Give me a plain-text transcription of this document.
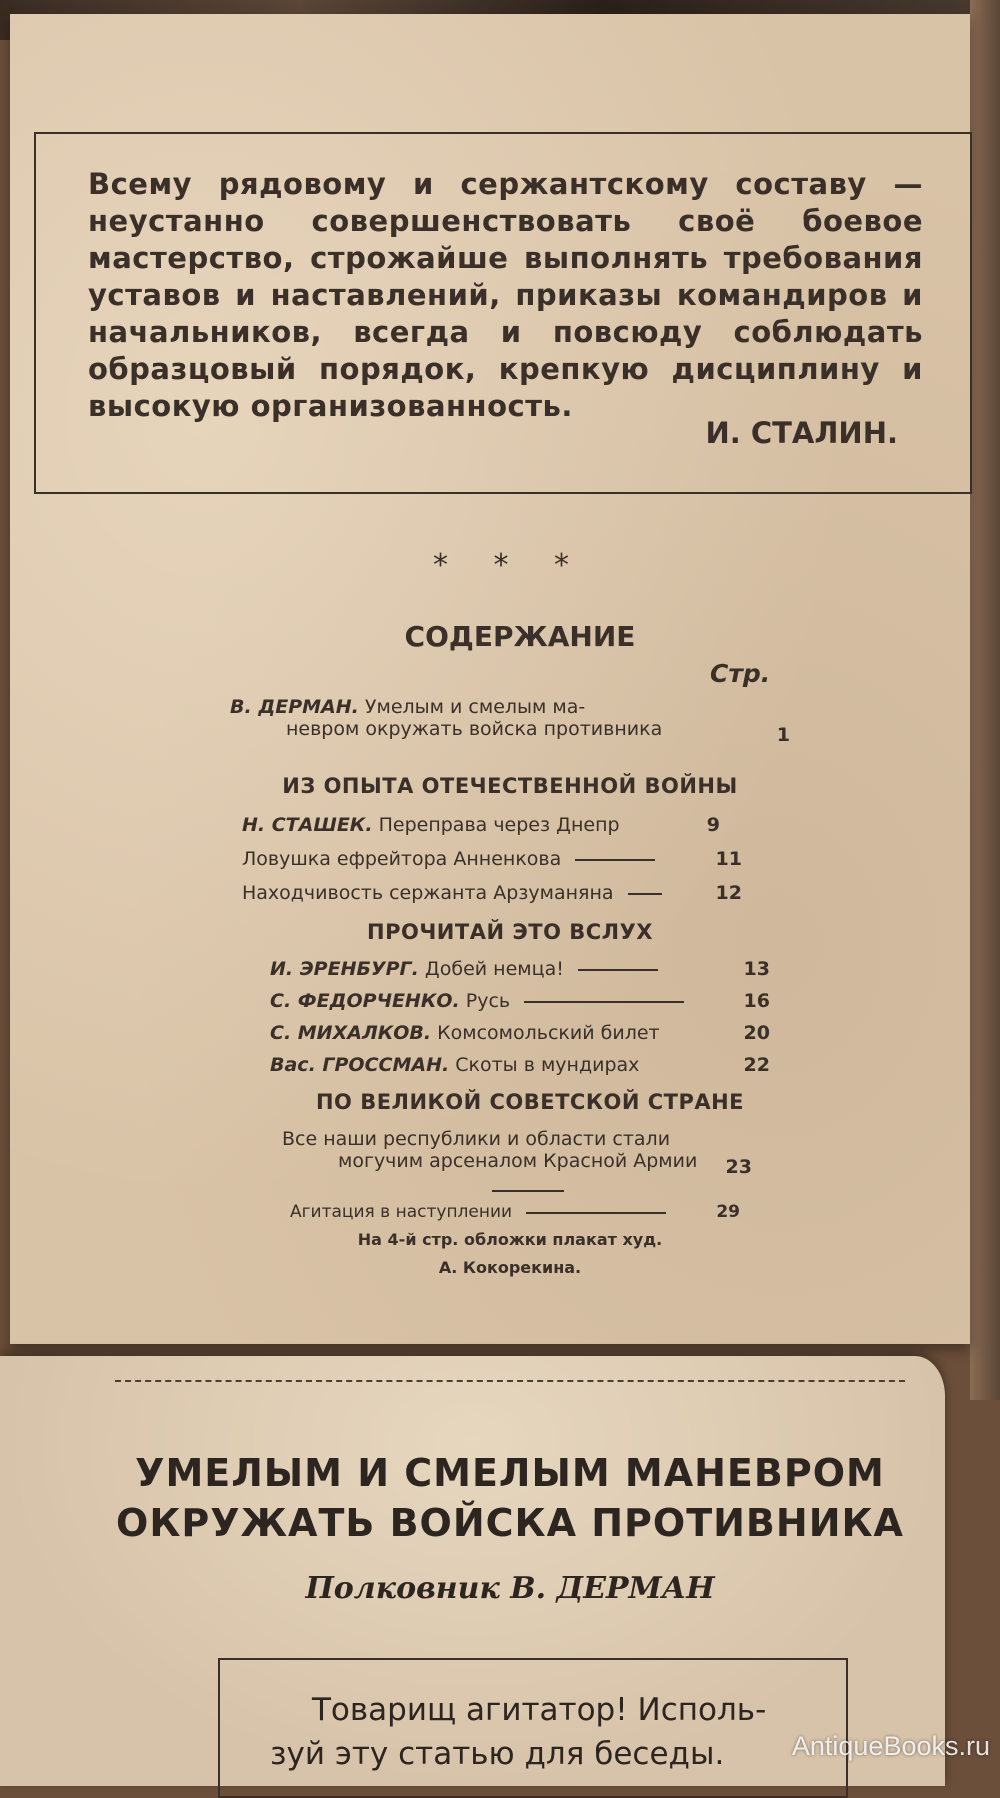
Всему рядовому и сержантскому составу — неустанно совершенствовать своё боевое мастерство, строжайше выполнять требования уставов и наставлений, приказы командиров и начальников, всегда и повсюду соблюдать образцовый порядок, крепкую дисциплину и высокую организованность.
И. СТАЛИН.
* * *
СОДЕРЖАНИЕ
Стр.
В. ДЕРМАН. Умелым и смелым ма-
невром окружать войска противника	1
ИЗ ОПЫТА ОТЕЧЕСТВЕННОЙ ВОЙНЫ
Н. СТАШЕК. Переправа через Днепр	9
Ловушка ефрейтора Анненкова	11
Находчивость сержанта Арзуманяна	12
ПРОЧИТАЙ ЭТО ВСЛУХ
И. ЭРЕНБУРГ. Добей немца!	13
С. ФЕДОРЧЕНКО. Русь	16
С. МИХАЛКОВ. Комсомольский билет	20
Вас. ГРОССМАН. Скоты в мундирах	22
ПО ВЕЛИКОЙ СОВЕТСКОЙ СТРАНЕ
Все наши республики и области стали
могучим арсеналом Красной Армии	23
Агитация в наступлении	29
На 4-й стр. обложки плакат худ.
А. Кокорекина.
УМЕЛЫМ И СМЕЛЫМ МАНЕВРОМ
ОКРУЖАТЬ ВОЙСКА ПРОТИВНИКА
Полковник В. ДЕРМАН
Товарищ агитатор! Исполь-
зуй эту статью для беседы.	AntiqueBooks.ru
